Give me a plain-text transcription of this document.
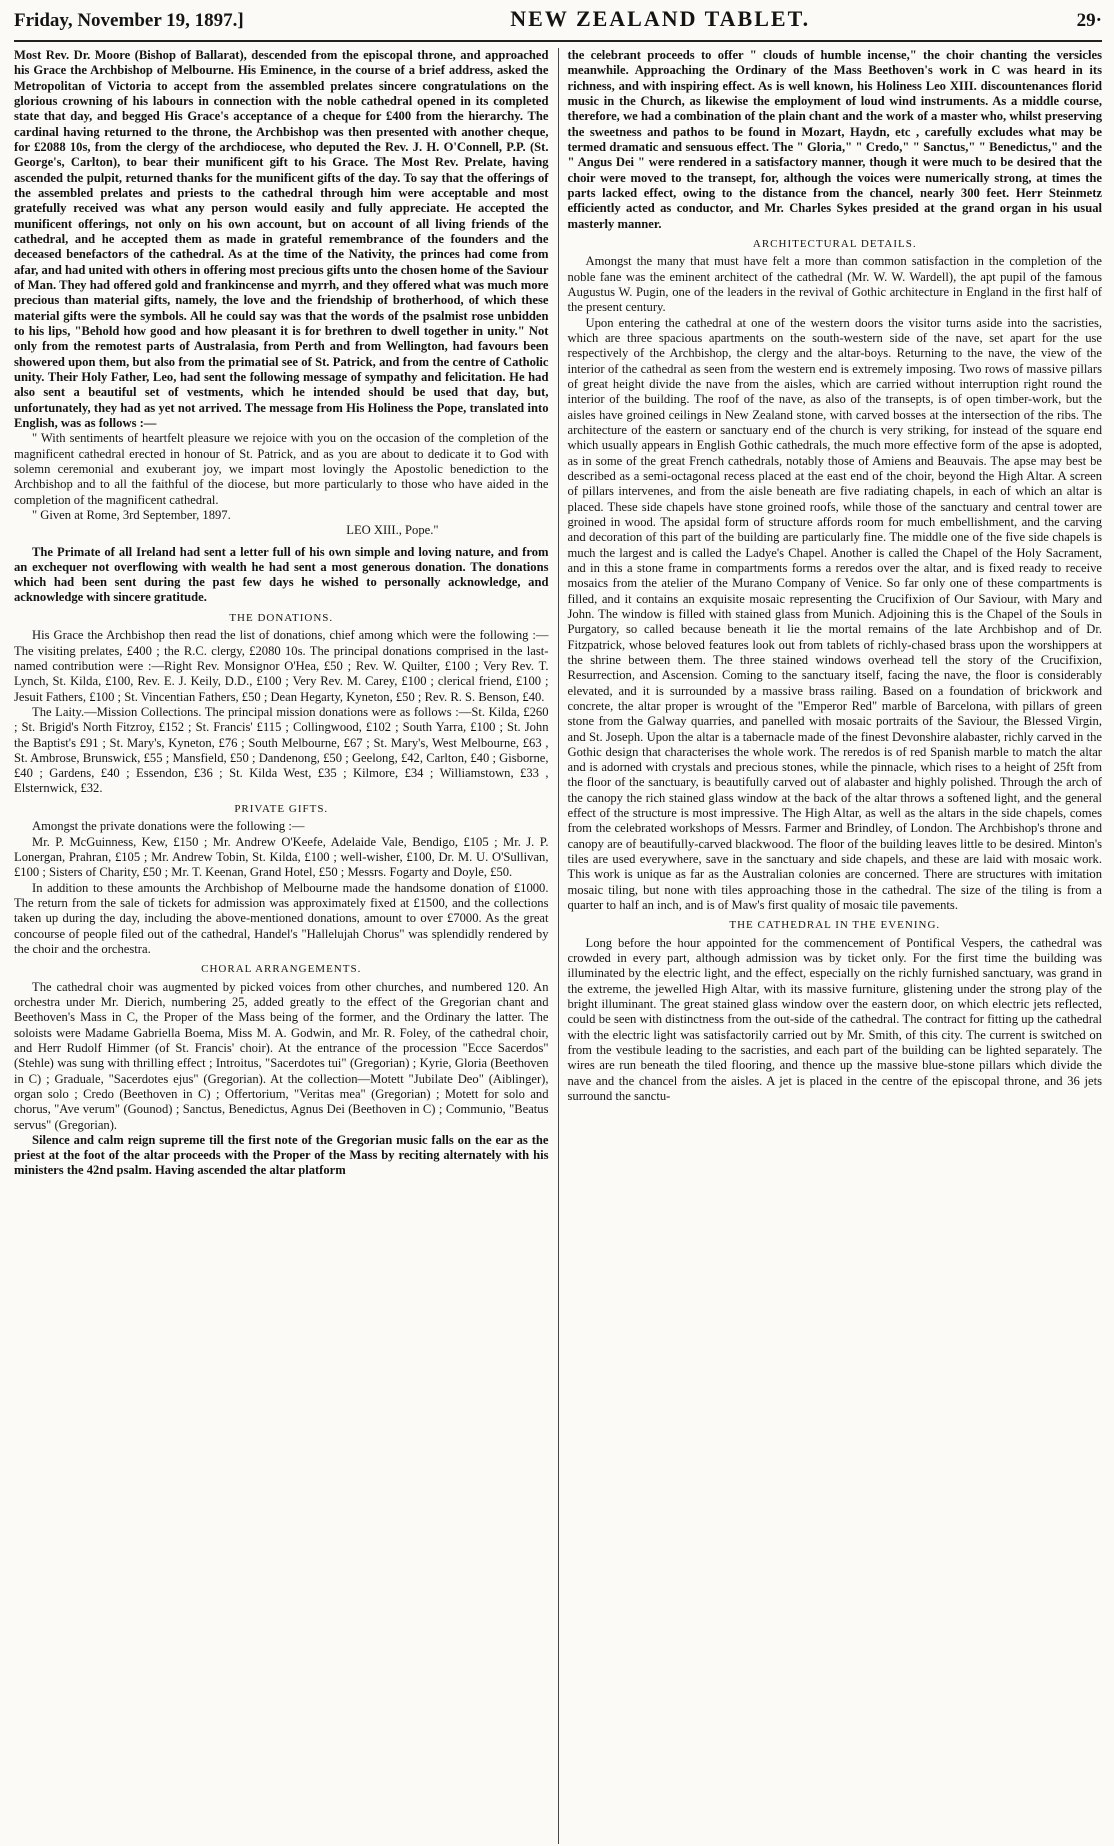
Friday, November 19, 1897.]	NEW ZEALAND TABLET.	29·

Most Rev. Dr. Moore (Bishop of Ballarat), descended from the episcopal throne, and approached his Grace the Archbishop of Melbourne. His Eminence, in the course of a brief address, asked the Metropolitan of Victoria to accept from the assembled prelates sincere congratulations on the glorious crowning of his labours in connection with the noble cathedral opened in its completed state that day, and begged His Grace's acceptance of a cheque for £400 from the hierarchy. The cardinal having returned to the throne, the Archbishop was then presented with another cheque, for £2088 10s, from the clergy of the archdiocese, who deputed the Rev. J. H. O'Connell, P.P. (St. George's, Carlton), to bear their munificent gift to his Grace. The Most Rev. Prelate, having ascended the pulpit, returned thanks for the munificent gifts of the day. To say that the offerings of the assembled prelates and priests to the cathedral through him were acceptable and most gratefully received was what any person would easily and fully appreciate. He accepted the munificent offerings, not only on his own account, but on account of all living friends of the cathedral, and he accepted them as made in grateful remembrance of the founders and the deceased benefactors of the cathedral. As at the time of the Nativity, the princes had come from afar, and had united with others in offering most precious gifts unto the chosen home of the Saviour of Man. They had offered gold and frankincense and myrrh, and they offered what was much more precious than material gifts, namely, the love and the friendship of brotherhood, of which these material gifts were the symbols. All he could say was that the words of the psalmist rose unbidden to his lips, "Behold how good and how pleasant it is for brethren to dwell together in unity." Not only from the remotest parts of Australasia, from Perth and from Wellington, had favours been showered upon them, but also from the primatial see of St. Patrick, and from the centre of Catholic unity. Their Holy Father, Leo, had sent the following message of sympathy and felicitation. He had also sent a beautiful set of vestments, which he intended should be used that day, but, unfortunately, they had as yet not arrived. The message from His Holiness the Pope, translated into English, was as follows :—

" With sentiments of heartfelt pleasure we rejoice with you on the occasion of the completion of the magnificent cathedral erected in honour of St. Patrick, and as you are about to dedicate it to God with solemn ceremonial and exuberant joy, we impart most lovingly the Apostolic benediction to the Archbishop and to all the faithful of the diocese, but more particularly to those who have aided in the completion of the magnificent cathedral.

" Given at Rome, 3rd September, 1897.

LEO XIII., Pope."

The Primate of all Ireland had sent a letter full of his own simple and loving nature, and from an exchequer not overflowing with wealth he had sent a most generous donation. The donations which had been sent during the past few days he wished to personally acknowledge, and acknowledge with sincere gratitude.

THE DONATIONS.

His Grace the Archbishop then read the list of donations, chief among which were the following :—The visiting prelates, £400 ; the R.C. clergy, £2080 10s. The principal donations comprised in the last-named contribution were :—Right Rev. Monsignor O'Hea, £50 ; Rev. W. Quilter, £100 ; Very Rev. T. Lynch, St. Kilda, £100, Rev. E. J. Keily, D.D., £100 ; Very Rev. M. Carey, £100 ; clerical friend, £100 ; Jesuit Fathers, £100 ; St. Vincentian Fathers, £50 ; Dean Hegarty, Kyneton, £50 ; Rev. R. S. Benson, £40.

The Laity.—Mission Collections. The principal mission donations were as follows :—St. Kilda, £260 ; St. Brigid's North Fitzroy, £152 ; St. Francis' £115 ; Collingwood, £102 ; South Yarra, £100 ; St. John the Baptist's £91 ; St. Mary's, Kyneton, £76 ; South Melbourne, £67 ; St. Mary's, West Melbourne, £63 , St. Ambrose, Brunswick, £55 ; Mansfield, £50 ; Dandenong, £50 ; Geelong, £42, Carlton, £40 ; Gisborne, £40 ; Gardens, £40 ; Essendon, £36 ; St. Kilda West, £35 ; Kilmore, £34 ; Williamstown, £33 , Elsternwick, £32.

PRIVATE GIFTS.

Amongst the private donations were the following :—

Mr. P. McGuinness, Kew, £150 ; Mr. Andrew O'Keefe, Adelaide Vale, Bendigo, £105 ; Mr. J. P. Lonergan, Prahran, £105 ; Mr. Andrew Tobin, St. Kilda, £100 ; well-wisher, £100, Dr. M. U. O'Sullivan, £100 ; Sisters of Charity, £50 ; Mr. T. Keenan, Grand Hotel, £50 ; Messrs. Fogarty and Doyle, £50.

In addition to these amounts the Archbishop of Melbourne made the handsome donation of £1000. The return from the sale of tickets for admission was approximately fixed at £1500, and the collections taken up during the day, including the above-mentioned donations, amount to over £7000. As the great concourse of people filed out of the cathedral, Handel's "Hallelujah Chorus" was splendidly rendered by the choir and the orchestra.

CHORAL ARRANGEMENTS.

The cathedral choir was augmented by picked voices from other churches, and numbered 120. An orchestra under Mr. Dierich, numbering 25, added greatly to the effect of the Gregorian chant and Beethoven's Mass in C, the Proper of the Mass being of the former, and the Ordinary the latter. The soloists were Madame Gabriella Boema, Miss M. A. Godwin, and Mr. R. Foley, of the cathedral choir, and Herr Rudolf Himmer (of St. Francis' choir). At the entrance of the procession "Ecce Sacerdos" (Stehle) was sung with thrilling effect ; Introitus, "Sacerdotes tui" (Gregorian) ; Kyrie, Gloria (Beethoven in C) ; Graduale, "Sacerdotes ejus" (Gregorian). At the collection—Motett "Jubilate Deo" (Aiblinger), organ solo ; Credo (Beethoven in C) ; Offertorium, "Veritas mea" (Gregorian) ; Motett for solo and chorus, "Ave verum" (Gounod) ; Sanctus, Benedictus, Agnus Dei (Beethoven in C) ; Communio, "Beatus servus" (Gregorian).

Silence and calm reign supreme till the first note of the Gregorian music falls on the ear as the priest at the foot of the altar proceeds with the Proper of the Mass by reciting alternately with his ministers the 42nd psalm. Having ascended the altar platform

the celebrant proceeds to offer " clouds of humble incense," the choir chanting the versicles meanwhile. Approaching the Ordinary of the Mass Beethoven's work in C was heard in its richness, and with inspiring effect. As is well known, his Holiness Leo XIII. discountenances florid music in the Church, as likewise the employment of loud wind instruments. As a middle course, therefore, we had a combination of the plain chant and the work of a master who, whilst preserving the sweetness and pathos to be found in Mozart, Haydn, etc , carefully excludes what may be termed dramatic and sensuous effect. The " Gloria," " Credo," " Sanctus," " Benedictus," and the " Angus Dei " were rendered in a satisfactory manner, though it were much to be desired that the choir were moved to the transept, for, although the voices were numerically strong, at times the parts lacked effect, owing to the distance from the chancel, nearly 300 feet. Herr Steinmetz efficiently acted as conductor, and Mr. Charles Sykes presided at the grand organ in his usual masterly manner.

ARCHITECTURAL DETAILS.

Amongst the many that must have felt a more than common satisfaction in the completion of the noble fane was the eminent architect of the cathedral (Mr. W. W. Wardell), the apt pupil of the famous Augustus W. Pugin, one of the leaders in the revival of Gothic architecture in England in the first half of the present century.

Upon entering the cathedral at one of the western doors the visitor turns aside into the sacristies, which are three spacious apartments on the south-western side of the nave, set apart for the use respectively of the Archbishop, the clergy and the altar-boys. Returning to the nave, the view of the interior of the cathedral as seen from the western end is extremely imposing. Two rows of massive pillars of great height divide the nave from the aisles, which are carried without interruption right round the interior of the building. The roof of the nave, as also of the transepts, is of open timber-work, but the aisles have groined ceilings in New Zealand stone, with carved bosses at the intersection of the ribs. The architecture of the eastern or sanctuary end of the church is very striking, for instead of the square end which usually appears in English Gothic cathedrals, the much more effective form of the apse is adopted, as in some of the great French cathedrals, notably those of Amiens and Beauvais. The apse may best be described as a semi-octagonal recess placed at the east end of the choir, beyond the High Altar. A screen of pillars intervenes, and from the aisle beneath are five radiating chapels, in each of which an altar is placed. These side chapels have stone groined roofs, while those of the sanctuary and central tower are groined in wood. The apsidal form of structure affords room for much embellishment, and the carving and decoration of this part of the building are particularly fine. The middle one of the five side chapels is much the largest and is called the Ladye's Chapel. Another is called the Chapel of the Holy Sacrament, and in this a stone frame in compartments forms a reredos over the altar, and is fixed ready to receive mosaics from the atelier of the Murano Company of Venice. So far only one of these compartments is filled, and it contains an exquisite mosaic representing the Crucifixion of Our Saviour, with Mary and John. The window is filled with stained glass from Munich. Adjoining this is the Chapel of the Souls in Purgatory, so called because beneath it lie the mortal remains of the late Archbishop and of Dr. Fitzpatrick, whose beloved features look out from tablets of richly-chased brass upon the worshippers at the shrine between them. The three stained windows overhead tell the story of the Crucifixion, Resurrection, and Ascension. Coming to the sanctuary itself, facing the nave, the floor is considerably elevated, and it is surrounded by a massive brass railing. Based on a foundation of brickwork and concrete, the altar proper is wrought of the "Emperor Red" marble of Barcelona, with pillars of green stone from the Galway quarries, and panelled with mosaic portraits of the Saviour, the Blessed Virgin, and St. Joseph. Upon the altar is a tabernacle made of the finest Devonshire alabaster, richly carved in the Gothic design that characterises the whole work. The reredos is of red Spanish marble to match the altar and is adorned with crystals and precious stones, while the pinnacle, which rises to a height of 25ft from the floor of the sanctuary, is beautifully carved out of alabaster and highly polished. Through the arch of the canopy the rich stained glass window at the back of the altar throws a softened light, and the general effect of the structure is most impressive. The High Altar, as well as the altars in the side chapels, comes from the celebrated workshops of Messrs. Farmer and Brindley, of London. The Archbishop's throne and canopy are of beautifully-carved blackwood. The floor of the building leaves little to be desired. Minton's tiles are used everywhere, save in the sanctuary and side chapels, and these are laid with mosaic work. This work is unique as far as the Australian colonies are concerned. There are structures with imitation mosaic tiling, but none with tiles approaching those in the cathedral. The size of the tiling is from a quarter to half an inch, and is of Maw's first quality of mosaic tile pavements.

THE CATHEDRAL IN THE EVENING.

Long before the hour appointed for the commencement of Pontifical Vespers, the cathedral was crowded in every part, although admission was by ticket only. For the first time the building was illuminated by the electric light, and the effect, especially on the richly furnished sanctuary, was grand in the extreme, the jewelled High Altar, with its massive furniture, glistening under the strong play of the bright illuminant. The great stained glass window over the eastern door, on which electric jets reflected, could be seen with distinctness from the out-side of the cathedral. The contract for fitting up the cathedral with the electric light was satisfactorily carried out by Mr. Smith, of this city. The current is switched on from the vestibule leading to the sacristies, and each part of the building can be lighted separately. The wires are run beneath the tiled flooring, and thence up the massive blue-stone pillars which divide the nave and the chancel from the aisles. A jet is placed in the centre of the episcopal throne, and 36 jets surround the sanctu-
